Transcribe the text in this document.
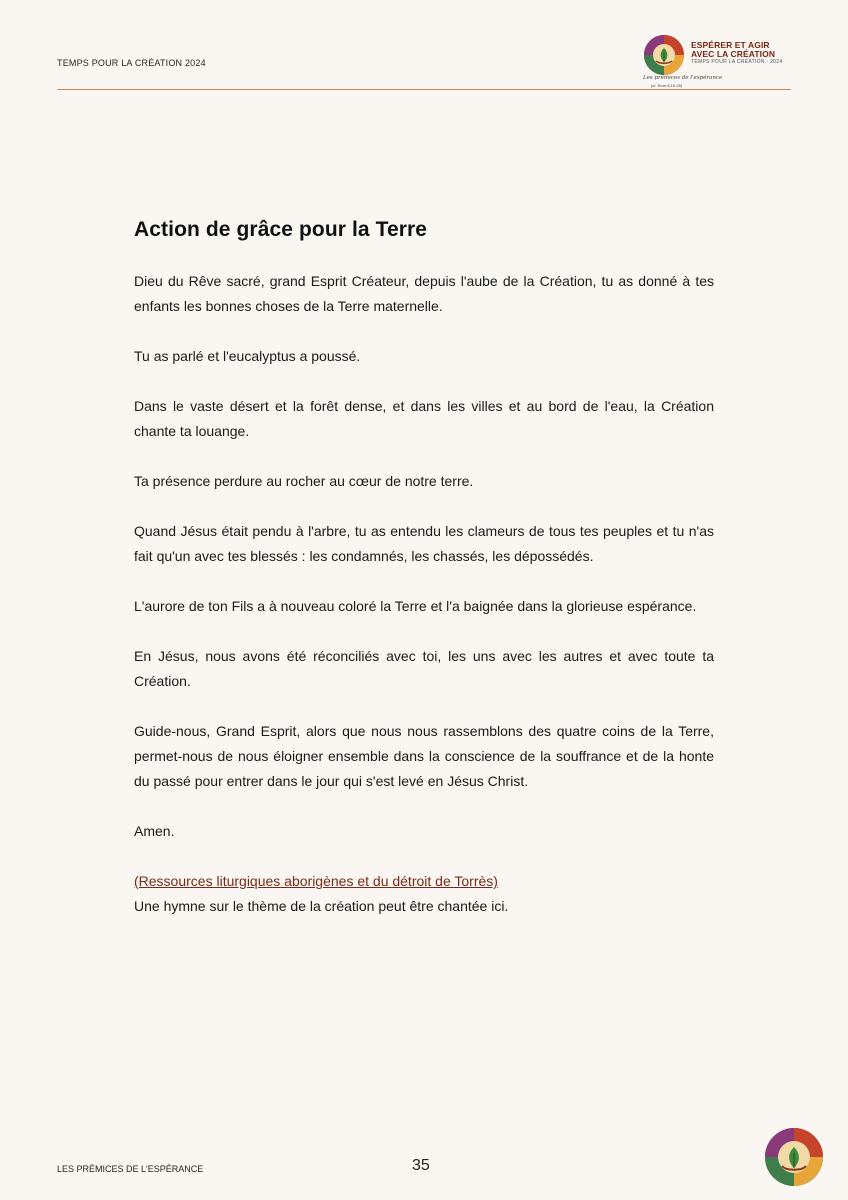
TEMPS POUR LA CRÉATION 2024
ESPÉRER ET AGIR
AVEC LA CRÉATION
TEMPS POUR LA CRÉATION · 2024
Les prémices de l'espérance
(cf. Rom 8:19-25)
Action de grâce pour la Terre

Dieu du Rêve sacré, grand Esprit Créateur, depuis l'aube de la Création, tu as donné à tes enfants les bonnes choses de la Terre maternelle.

Tu as parlé et l'eucalyptus a poussé.

Dans le vaste désert et la forêt dense, et dans les villes et au bord de l'eau, la Création chante ta louange.

Ta présence perdure au rocher au cœur de notre terre.

Quand Jésus était pendu à l'arbre, tu as entendu les clameurs de tous tes peuples et tu n'as fait qu'un avec tes blessés : les condamnés, les chassés, les dépossédés.

L'aurore de ton Fils a à nouveau coloré la Terre et l'a baignée dans la glorieuse espérance.

En Jésus, nous avons été réconciliés avec toi, les uns avec les autres et avec toute ta Création.

Guide-nous, Grand Esprit, alors que nous nous rassemblons des quatre coins de la Terre, permet-nous de nous éloigner ensemble dans la conscience de la souffrance et de la honte du passé pour entrer dans le jour qui s'est levé en Jésus Christ.

Amen.

(Ressources liturgiques aborigènes et du détroit de Torrès)
Une hymne sur le thème de la création peut être chantée ici.
LES PRÉMICES DE L'ESPÉRANCE	35
